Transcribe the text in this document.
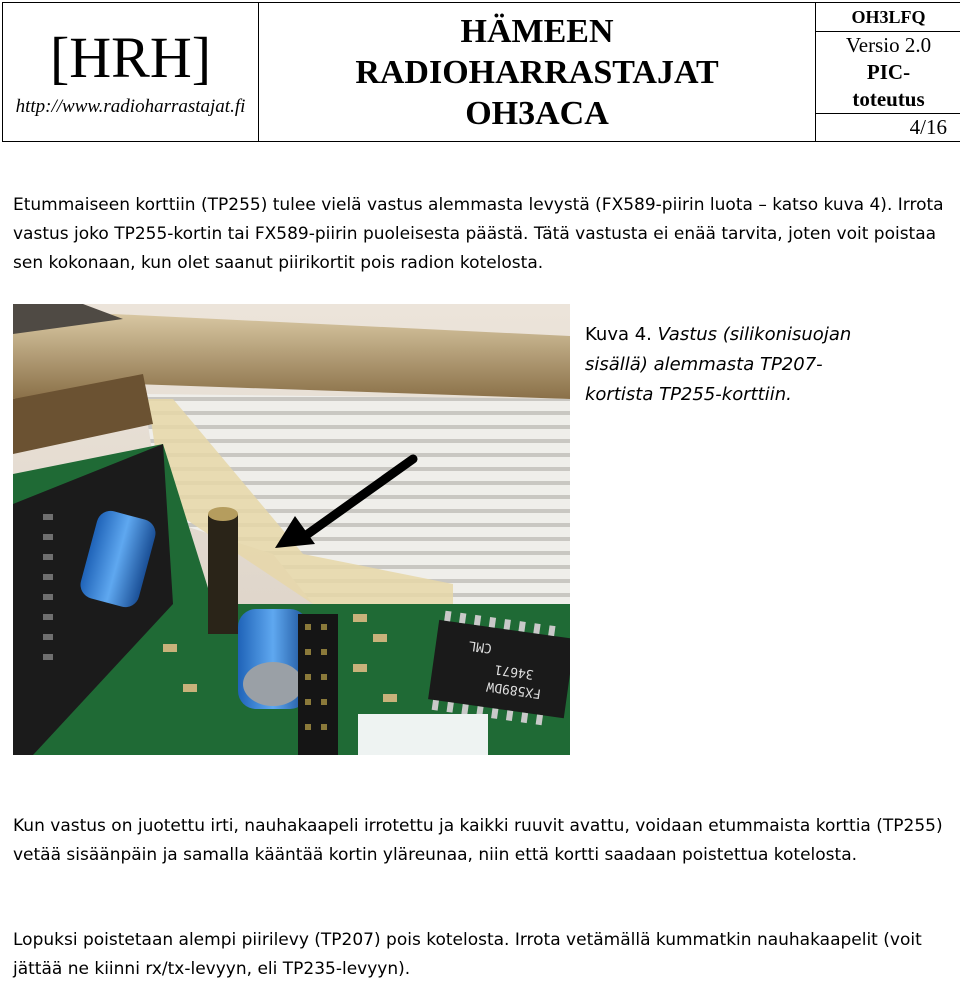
[HRH]
http://www.radioharrastajat.fi

HÄMEEN
RADIOHARRASTAJAT
OH3ACA
	OH3LFQ

Versio 2.0
PIC-
toteutus

4/16

Etummaiseen korttiin (TP255) tulee vielä vastus alemmasta levystä (FX589-piirin luota – katso kuva 4). Irrota vastus joko TP255-kortin tai FX589-piirin puoleisesta päästä. Tätä vastusta ei enää tarvita, joten voit poistaa sen kokonaan, kun olet saanut piirikortit pois radion kotelosta.

FX589DW
34671
CML
Kuva 4. Vastus (silikonisuojan sisällä) alemmasta TP207-kortista TP255-korttiin.

Kun vastus on juotettu irti, nauhakaapeli irrotettu ja kaikki ruuvit avattu, voidaan etummaista korttia (TP255) vetää sisäänpäin ja samalla kääntää kortin yläreunaa, niin että kortti saadaan poistettua kotelosta.

Lopuksi poistetaan alempi piirilevy (TP207) pois kotelosta. Irrota vetämällä kummatkin nauhakaapelit (voit jättää ne kiinni rx/tx-levyyn, eli TP235-levyyn).
